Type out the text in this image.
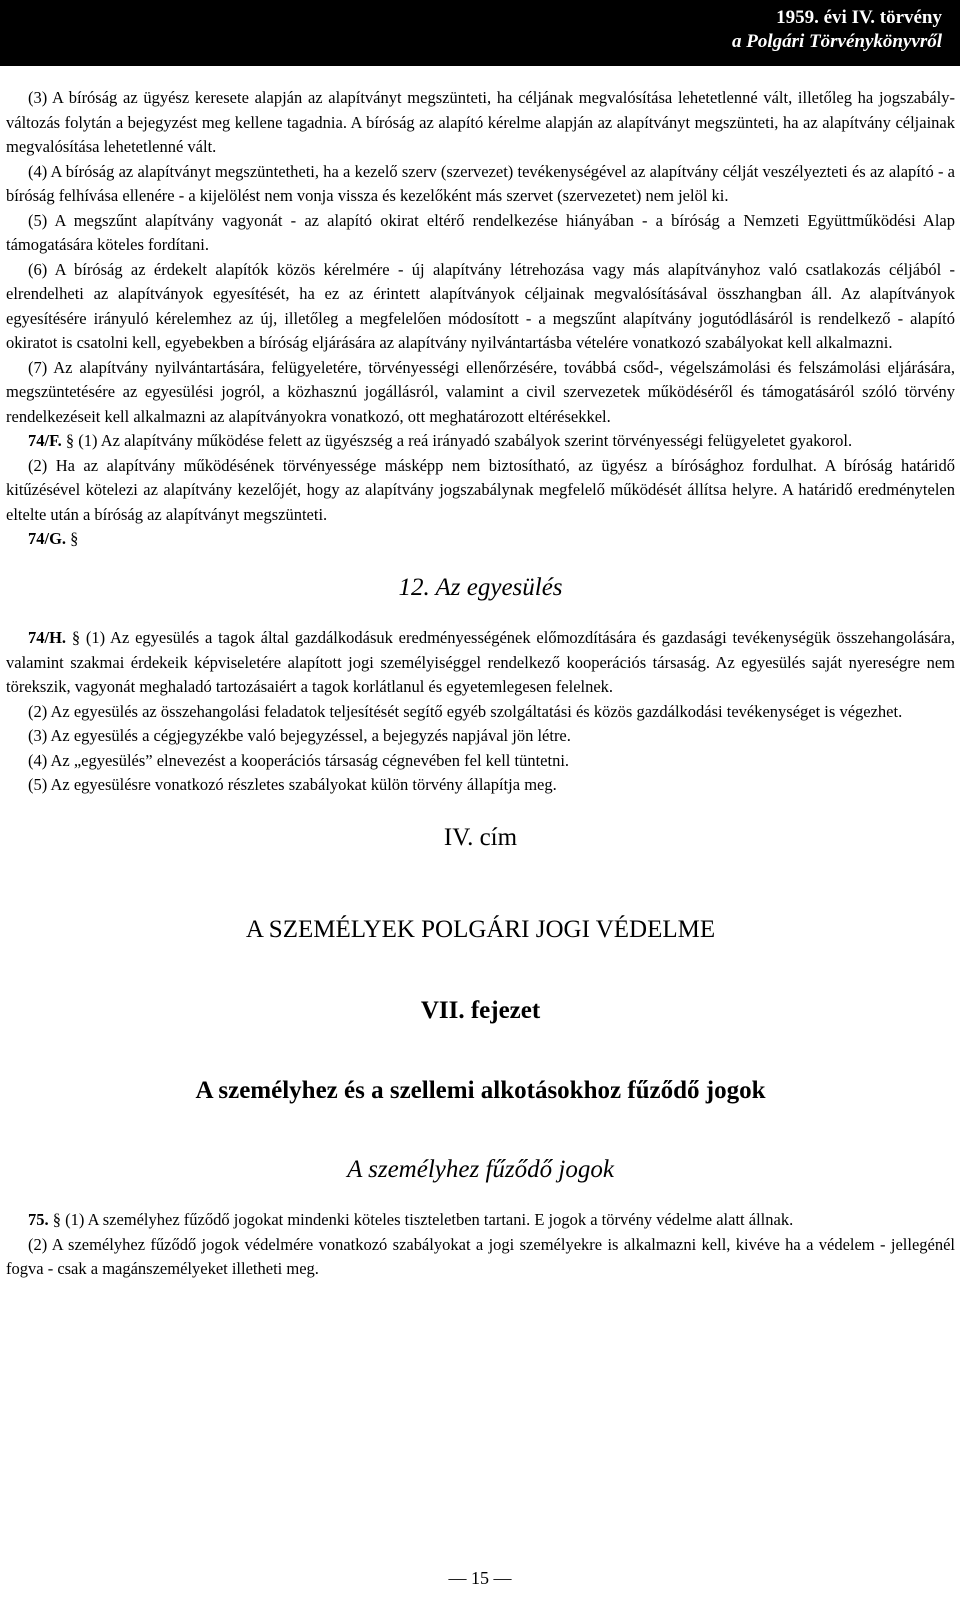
1959. évi IV. törvény
a Polgári Törvénykönyvről

(3) A bíróság az ügyész keresete alapján az alapítványt megszünteti, ha céljának megvalósítása lehetetlenné vált, illetőleg ha jogszabály-változás folytán a bejegyzést meg kellene tagadnia. A bíróság az alapító kérelme alapján az alapítványt megszünteti, ha az alapítvány céljainak megvalósítása lehetetlenné vált.

(4) A bíróság az alapítványt megszüntetheti, ha a kezelő szerv (szervezet) tevékenységével az alapítvány célját veszélyezteti és az alapító - a bíróság felhívása ellenére - a kijelölést nem vonja vissza és kezelőként más szervet (szervezetet) nem jelöl ki.

(5) A megszűnt alapítvány vagyonát - az alapító okirat eltérő rendelkezése hiányában - a bíróság a Nemzeti Együttműködési Alap támogatására köteles fordítani.

(6) A bíróság az érdekelt alapítók közös kérelmére - új alapítvány létrehozása vagy más alapítványhoz való csatlakozás céljából - elrendelheti az alapítványok egyesítését, ha ez az érintett alapítványok céljainak megvalósításával összhangban áll. Az alapítványok egyesítésére irányuló kérelemhez az új, illetőleg a megfelelően módosított - a megszűnt alapítvány jogutódlásáról is rendelkező - alapító okiratot is csatolni kell, egyebekben a bíróság eljárására az alapítvány nyilvántartásba vételére vonatkozó szabályokat kell alkalmazni.

(7) Az alapítvány nyilvántartására, felügyeletére, törvényességi ellenőrzésére, továbbá csőd-, végelszámolási és felszámolási eljárására, megszüntetésére az egyesülési jogról, a közhasznú jogállásról, valamint a civil szervezetek működéséről és támogatásáról szóló törvény rendelkezéseit kell alkalmazni az alapítványokra vonatkozó, ott meghatározott eltérésekkel.

74/F. § (1) Az alapítvány működése felett az ügyészség a reá irányadó szabályok szerint törvényességi felügyeletet gyakorol.

(2) Ha az alapítvány működésének törvényessége másképp nem biztosítható, az ügyész a bírósághoz fordulhat. A bíróság határidő kitűzésével kötelezi az alapítvány kezelőjét, hogy az alapítvány jogszabálynak megfelelő működését állítsa helyre. A határidő eredménytelen eltelte után a bíróság az alapítványt megszünteti.

74/G. §

12. Az egyesülés

74/H. § (1) Az egyesülés a tagok által gazdálkodásuk eredményességének előmozdítására és gazdasági tevékenységük összehangolására, valamint szakmai érdekeik képviseletére alapított jogi személyiséggel rendelkező kooperációs társaság. Az egyesülés saját nyereségre nem törekszik, vagyonát meghaladó tartozásaiért a tagok korlátlanul és egyetemlegesen felelnek.

(2) Az egyesülés az összehangolási feladatok teljesítését segítő egyéb szolgáltatási és közös gazdálkodási tevékenységet is végezhet.

(3) Az egyesülés a cégjegyzékbe való bejegyzéssel, a bejegyzés napjával jön létre.

(4) Az „egyesülés” elnevezést a kooperációs társaság cégnevében fel kell tüntetni.

(5) Az egyesülésre vonatkozó részletes szabályokat külön törvény állapítja meg.

IV. cím
A SZEMÉLYEK POLGÁRI JOGI VÉDELME
VII. fejezet
A személyhez és a szellemi alkotásokhoz fűződő jogok
A személyhez fűződő jogok

75. § (1) A személyhez fűződő jogokat mindenki köteles tiszteletben tartani. E jogok a törvény védelme alatt állnak.

(2) A személyhez fűződő jogok védelmére vonatkozó szabályokat a jogi személyekre is alkalmazni kell, kivéve ha a védelem - jellegénél fogva - csak a magánszemélyeket illetheti meg.

— 15 —
